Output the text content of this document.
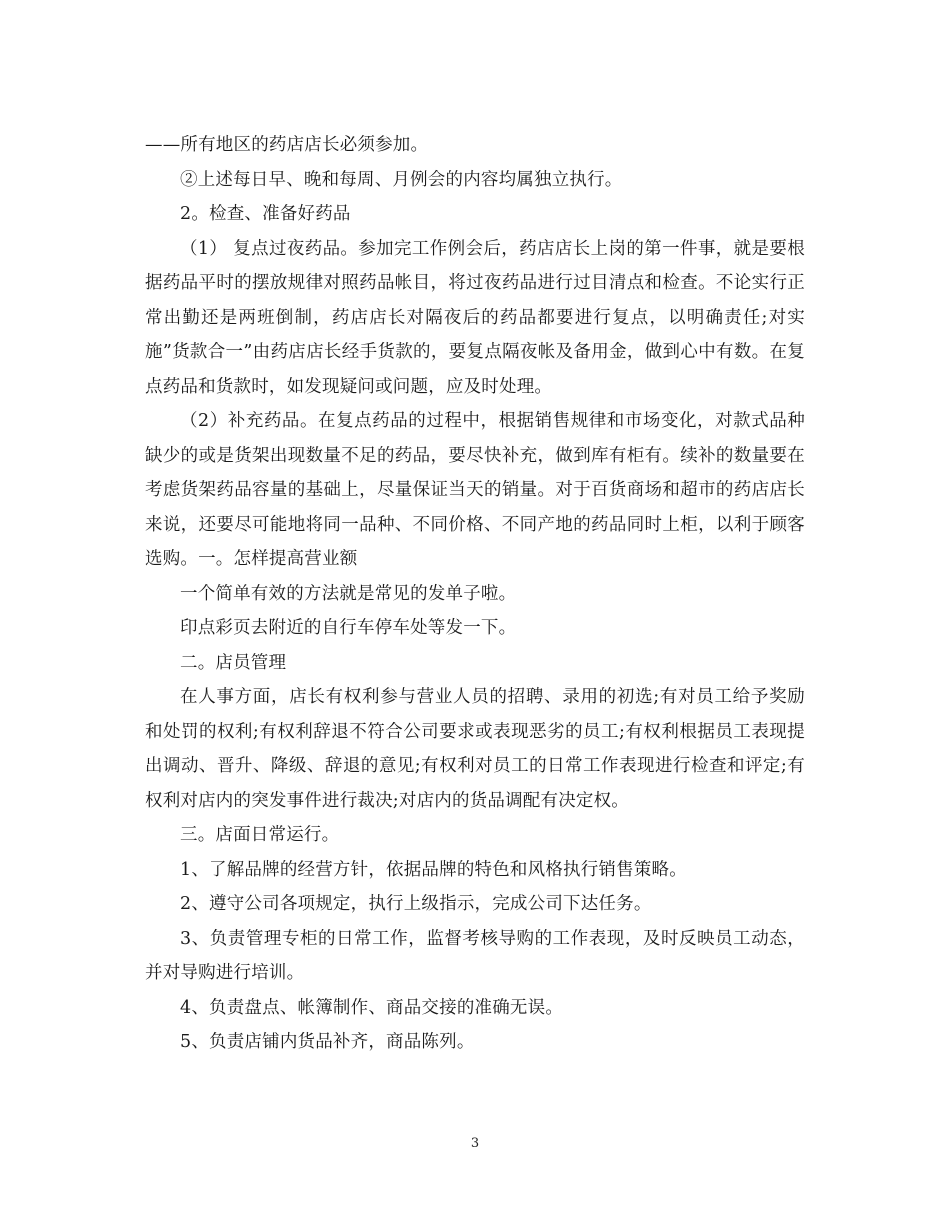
——所有地区的药店店长必须参加。

②上述每日早、晚和每周、月例会的内容均属独立执行。

2。检查、准备好药品

（1） 复点过夜药品。参加完工作例会后，药店店长上岗的第一件事，就是要根据药品平时的摆放规律对照药品帐目，将过夜药品进行过目清点和检查。不论实行正常出勤还是两班倒制，药店店长对隔夜后的药品都要进行复点，以明确责任;对实施”货款合一”由药店店长经手货款的，要复点隔夜帐及备用金，做到心中有数。在复点药品和货款时，如发现疑问或问题，应及时处理。

（2）补充药品。在复点药品的过程中，根据销售规律和市场变化，对款式品种缺少的或是货架出现数量不足的药品，要尽快补充，做到库有柜有。续补的数量要在考虑货架药品容量的基础上，尽量保证当天的销量。对于百货商场和超市的药店店长来说，还要尽可能地将同一品种、不同价格、不同产地的药品同时上柜，以利于顾客选购。一。怎样提高营业额

一个简单有效的方法就是常见的发单子啦。

印点彩页去附近的自行车停车处等发一下。

二。店员管理

在人事方面，店长有权利参与营业人员的招聘、录用的初选;有对员工给予奖励和处罚的权利;有权利辞退不符合公司要求或表现恶劣的员工;有权利根据员工表现提出调动、晋升、降级、辞退的意见;有权利对员工的日常工作表现进行检查和评定;有权利对店内的突发事件进行裁决;对店内的货品调配有决定权。

三。店面日常运行。

1、了解品牌的经营方针，依据品牌的特色和风格执行销售策略。

2、遵守公司各项规定，执行上级指示，完成公司下达任务。

3、负责管理专柜的日常工作，监督考核导购的工作表现，及时反映员工动态，并对导购进行培训。

4、负责盘点、帐簿制作、商品交接的准确无误。

5、负责店铺内货品补齐，商品陈列。

3
